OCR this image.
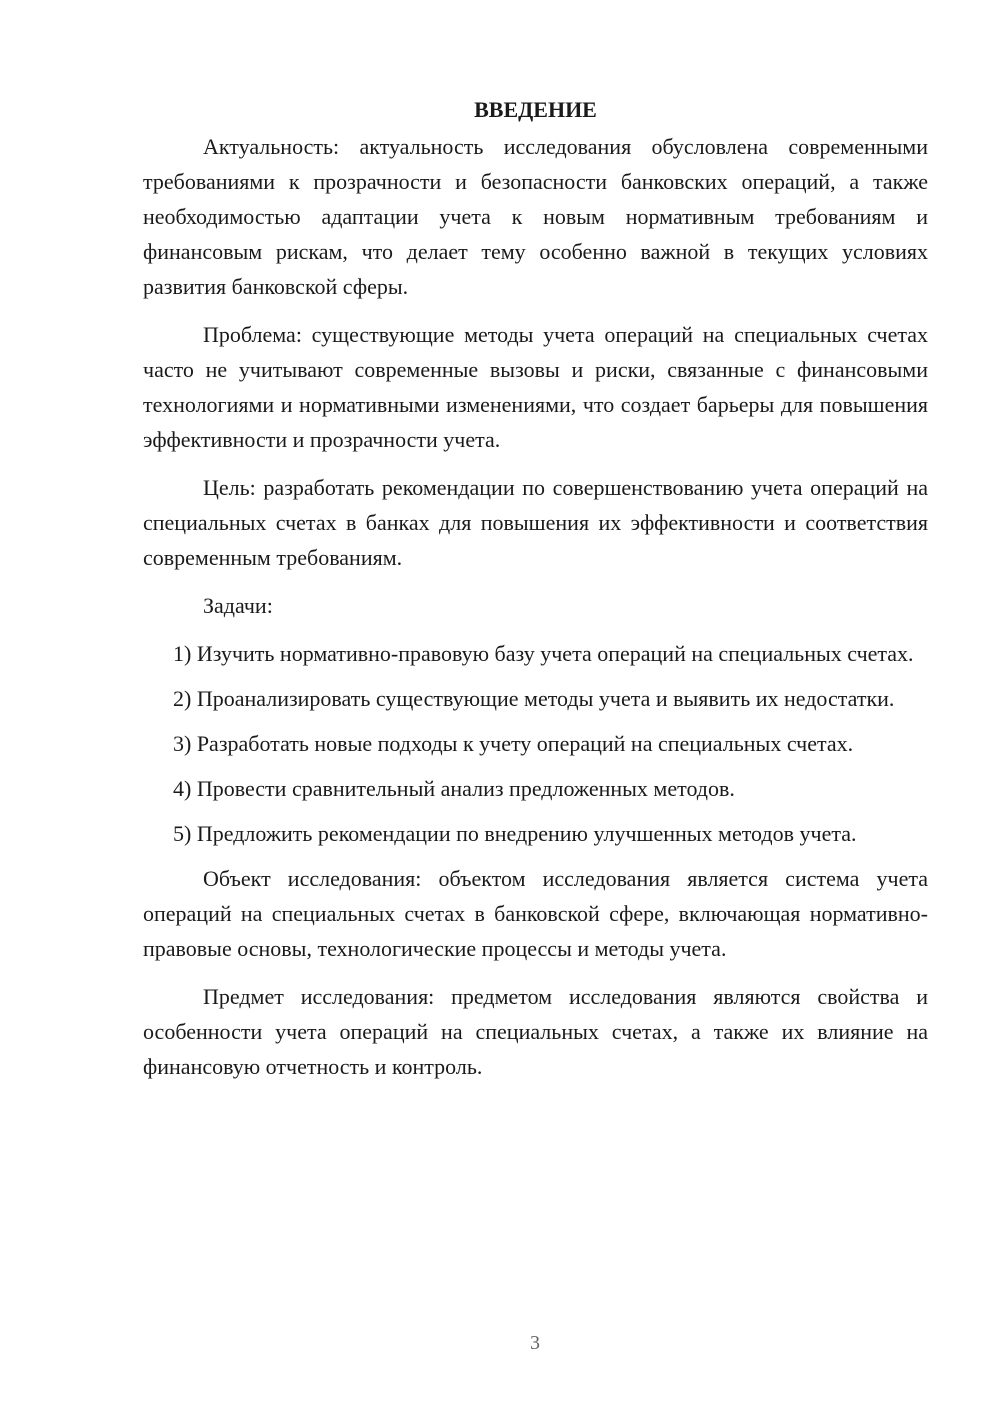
ВВЕДЕНИЕ

Актуальность: актуальность исследования обусловлена современными требованиями к прозрачности и безопасности банковских операций, а также необходимостью адаптации учета к новым нормативным требованиям и финансовым рискам, что делает тему особенно важной в текущих условиях развития банковской сферы.

Проблема: существующие методы учета операций на специальных счетах часто не учитывают современные вызовы и риски, связанные с финансовыми технологиями и нормативными изменениями, что создает барьеры для повышения эффективности и прозрачности учета.

Цель: разработать рекомендации по совершенствованию учета операций на специальных счетах в банках для повышения их эффективности и соответствия современным требованиям.

Задачи:

1) Изучить нормативно-правовую базу учета операций на специальных счетах.

2) Проанализировать существующие методы учета и выявить их недостатки.

3) Разработать новые подходы к учету операций на специальных счетах.

4) Провести сравнительный анализ предложенных методов.

5) Предложить рекомендации по внедрению улучшенных методов учета.

Объект исследования: объектом исследования является система учета операций на специальных счетах в банковской сфере, включающая нормативно-правовые основы, технологические процессы и методы учета.

Предмет исследования: предметом исследования являются свойства и особенности учета операций на специальных счетах, а также их влияние на финансовую отчетность и контроль.

3
